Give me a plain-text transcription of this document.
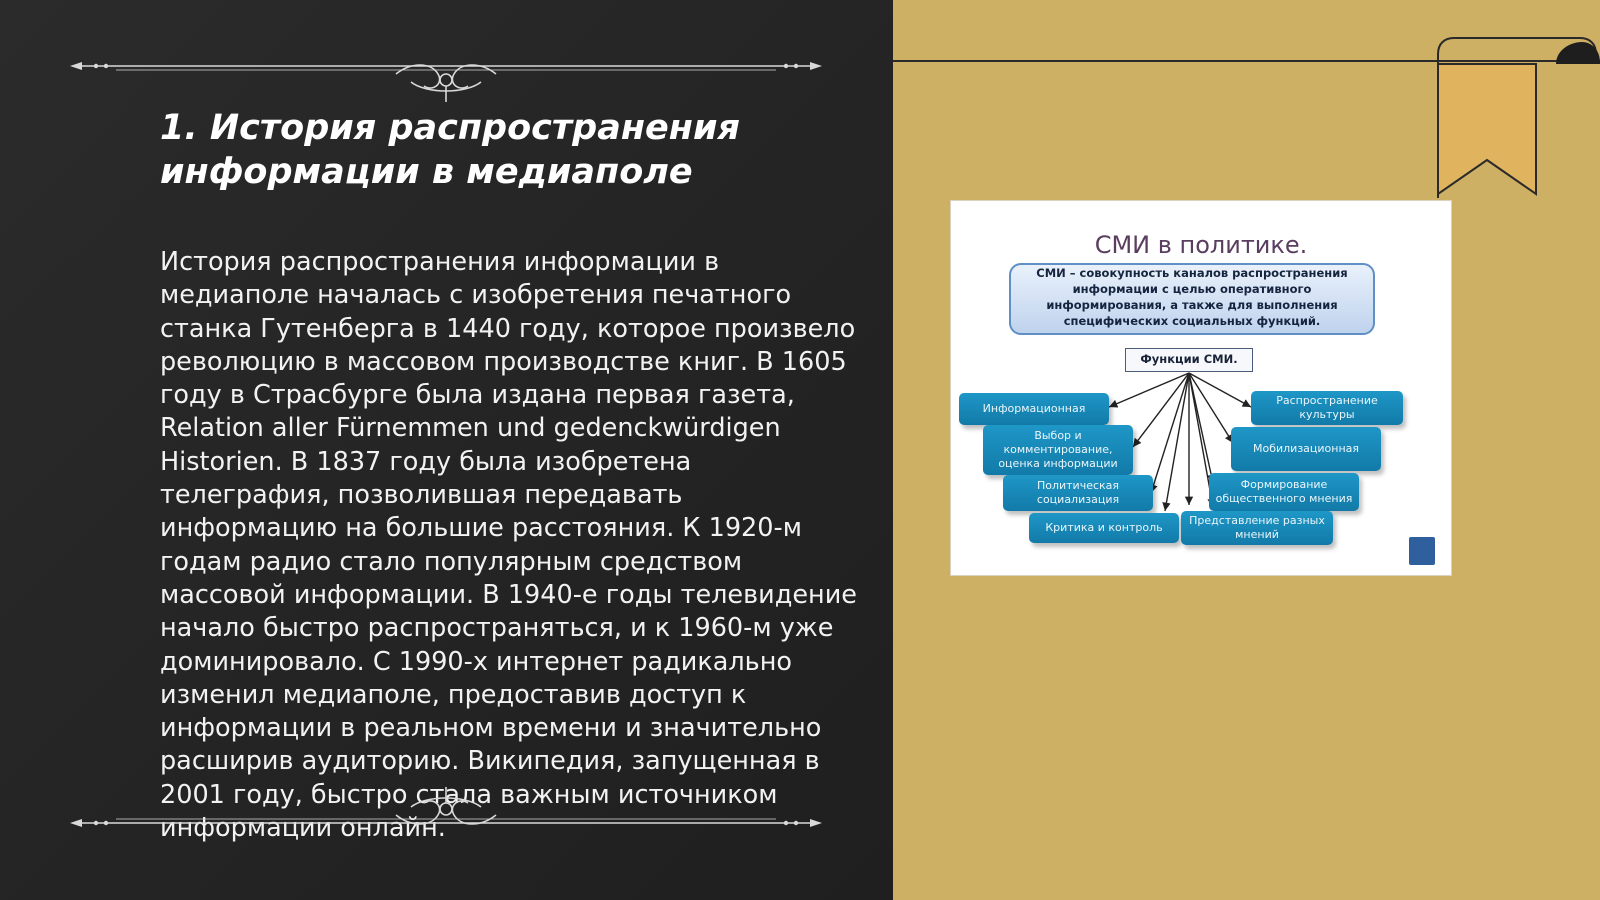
1. История распространения информации в медиаполе

История распространения информации в медиаполе началась с изобретения печатного станка Гутенберга в 1440 году, которое произвело революцию в массовом производстве книг. В 1605 году в Страсбурге была издана первая газета, Relation aller Fürnemmen und gedenckwürdigen Historien. В 1837 году была изобретена телеграфия, позволившая передавать информацию на большие расстояния. К 1920-м годам радио стало популярным средством массовой информации. В 1940-е годы телевидение начало быстро распространяться, и к 1960-м уже доминировало. С 1990-х интернет радикально изменил медиаполе, предоставив доступ к информации в реальном времени и значительно расширив аудиторию. Википедия, запущенная в 2001 году, быстро стала важным источником информации онлайн.

СМИ в политике.
СМИ – совокупность каналов распространения информации с целью оперативного информирования, а также для выполнения специфических социальных функций.
Функции СМИ.
Информационная
Выбор и комментирование, оценка информации
Политическая социализация
Критика и контроль
Распространение культуры
Мобилизационная
Формирование общественного мнения
Представление разных мнений
